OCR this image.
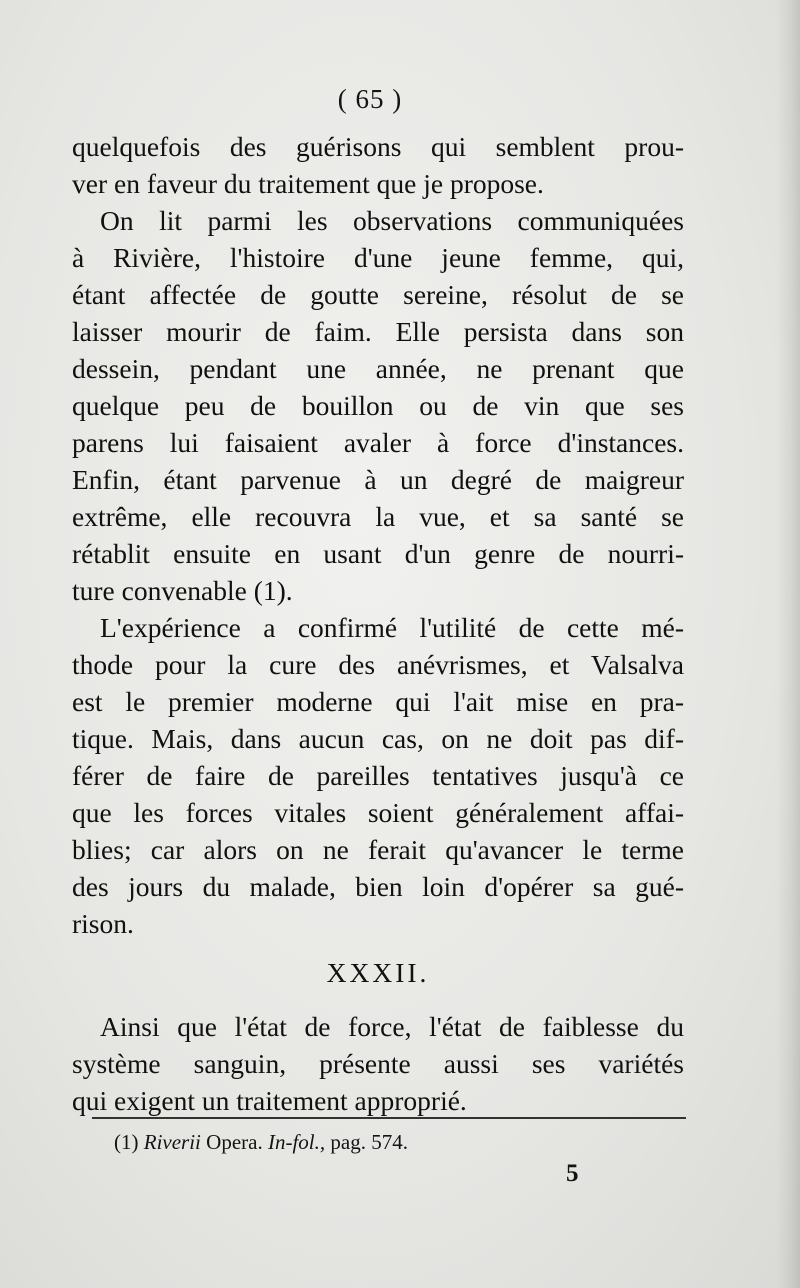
( 65 )
quelquefois des guérisons qui semblent prou-
ver en faveur du traitement que je propose.
On lit parmi les observations communiquées
à Rivière, l'histoire d'une jeune femme, qui,
étant affectée de goutte sereine, résolut de se
laisser mourir de faim. Elle persista dans son
dessein, pendant une année, ne prenant que
quelque peu de bouillon ou de vin que ses
parens lui faisaient avaler à force d'instances.
Enfin, étant parvenue à un degré de maigreur
extrême, elle recouvra la vue, et sa santé se
rétablit ensuite en usant d'un genre de nourri-
ture convenable (1).
L'expérience a confirmé l'utilité de cette mé-
thode pour la cure des anévrismes, et Valsalva
est le premier moderne qui l'ait mise en pra-
tique. Mais, dans aucun cas, on ne doit pas dif-
férer de faire de pareilles tentatives jusqu'à ce
que les forces vitales soient généralement affai-
blies; car alors on ne ferait qu'avancer le terme
des jours du malade, bien loin d'opérer sa gué-
rison.
XXXII.
Ainsi que l'état de force, l'état de faiblesse du
système sanguin, présente aussi ses variétés
qui exigent un traitement approprié.
(1) Riverii Opera. In-fol., pag. 574.
5
